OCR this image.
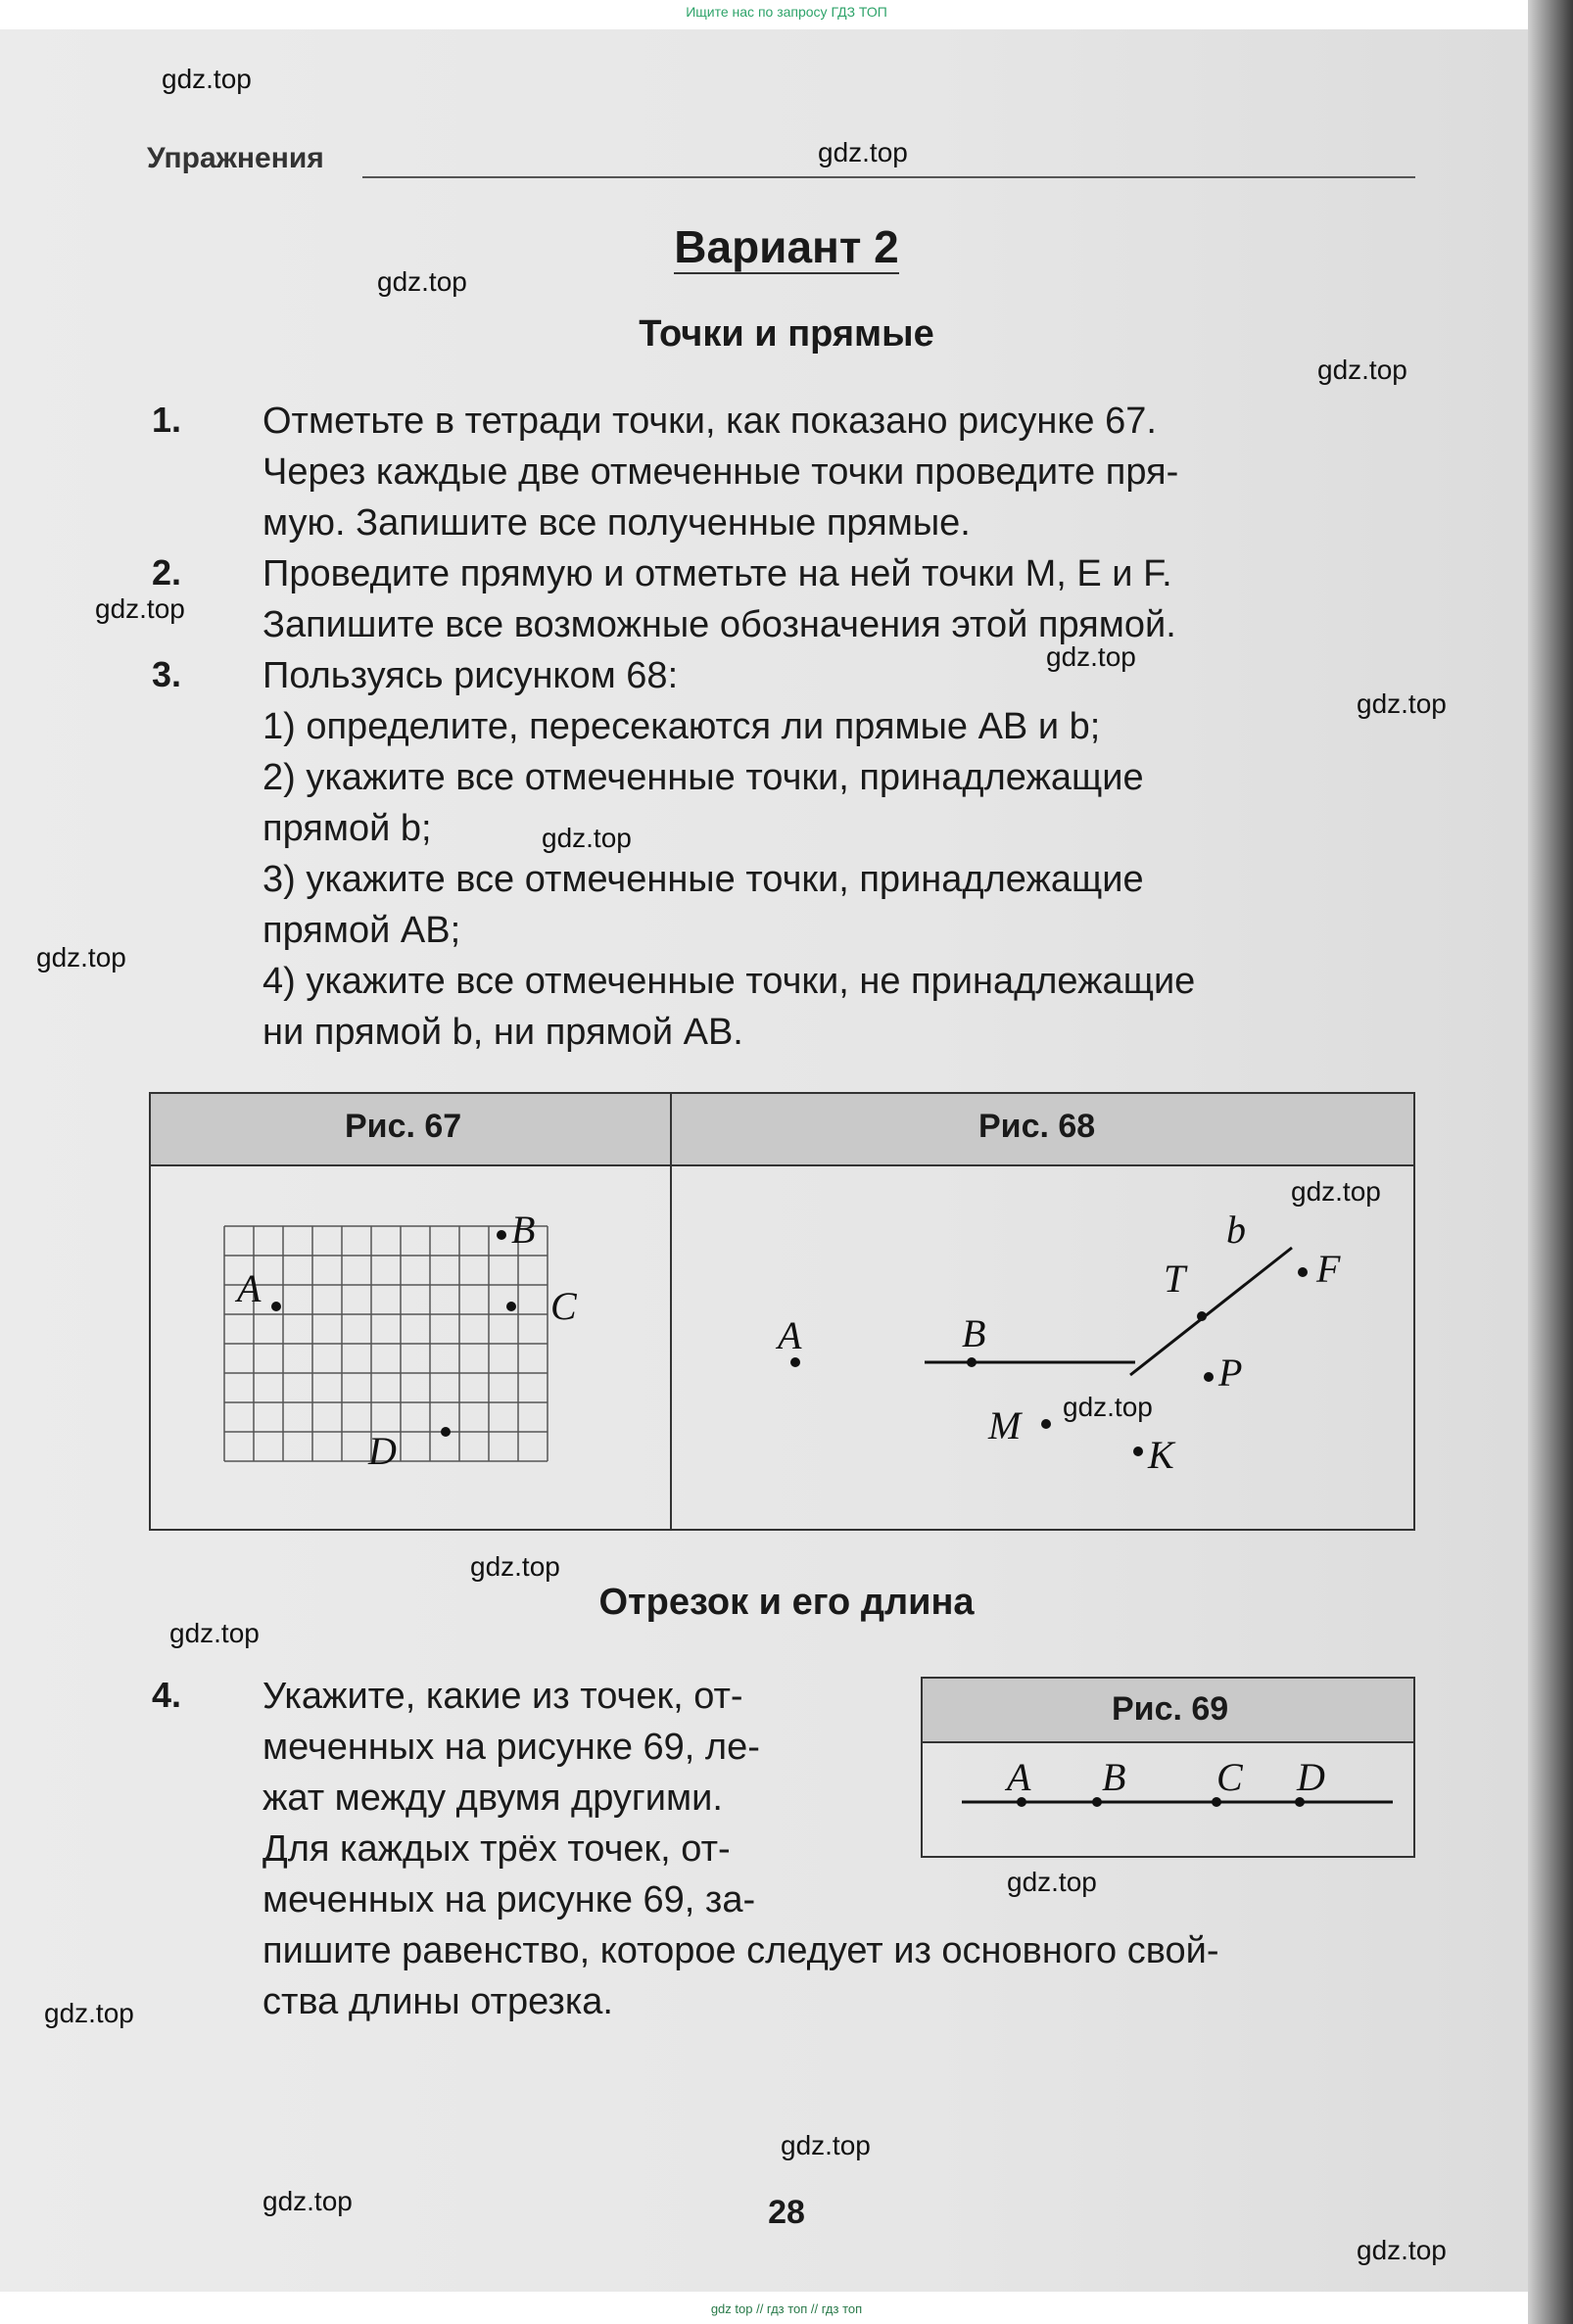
Ищите нас по запросу ГДЗ ТОП
gdz.top
gdz.top
gdz.top
gdz.top
gdz.top
gdz.top
gdz.top
gdz.top
gdz.top
gdz.top
gdz.top
gdz.top
gdz.top
gdz.top
gdz.top
gdz.top
gdz.top
gdz.top
Упражнения
Вариант 2
Точки и прямые
1. Отметьте в тетради точки, как показано рисунке 67.

Через каждые две отмеченные точки проведите пря-

мую. Запишите все полученные прямые.

2. Проведите прямую и отметьте на ней точки M, E и F.

Запишите все возможные обозначения этой прямой.

3. Пользуясь рисунком 68:

1) определите, пересекаются ли прямые AB и b;

2) укажите все отмеченные точки, принадлежащие

прямой b;

3) укажите все отмеченные точки, принадлежащие

прямой AB;

4) укажите все отмеченные точки, не принадлежащие

ни прямой b, ни прямой AB.

Рис. 67	Рис. 68
A
B
C
D
A	B
b
T	F
P
M
K
Отрезок и его длина
4. Укажите, какие из точек, от-

меченных на рисунке 69, ле-

жат между двумя другими.

Для каждых трёх точек, от-

меченных на рисунке 69, за-

пишите равенство, которое следует из основного свой-

ства длины отрезка.

Рис. 69
A B C D
28
gdz top // гдз топ // гдз топ
